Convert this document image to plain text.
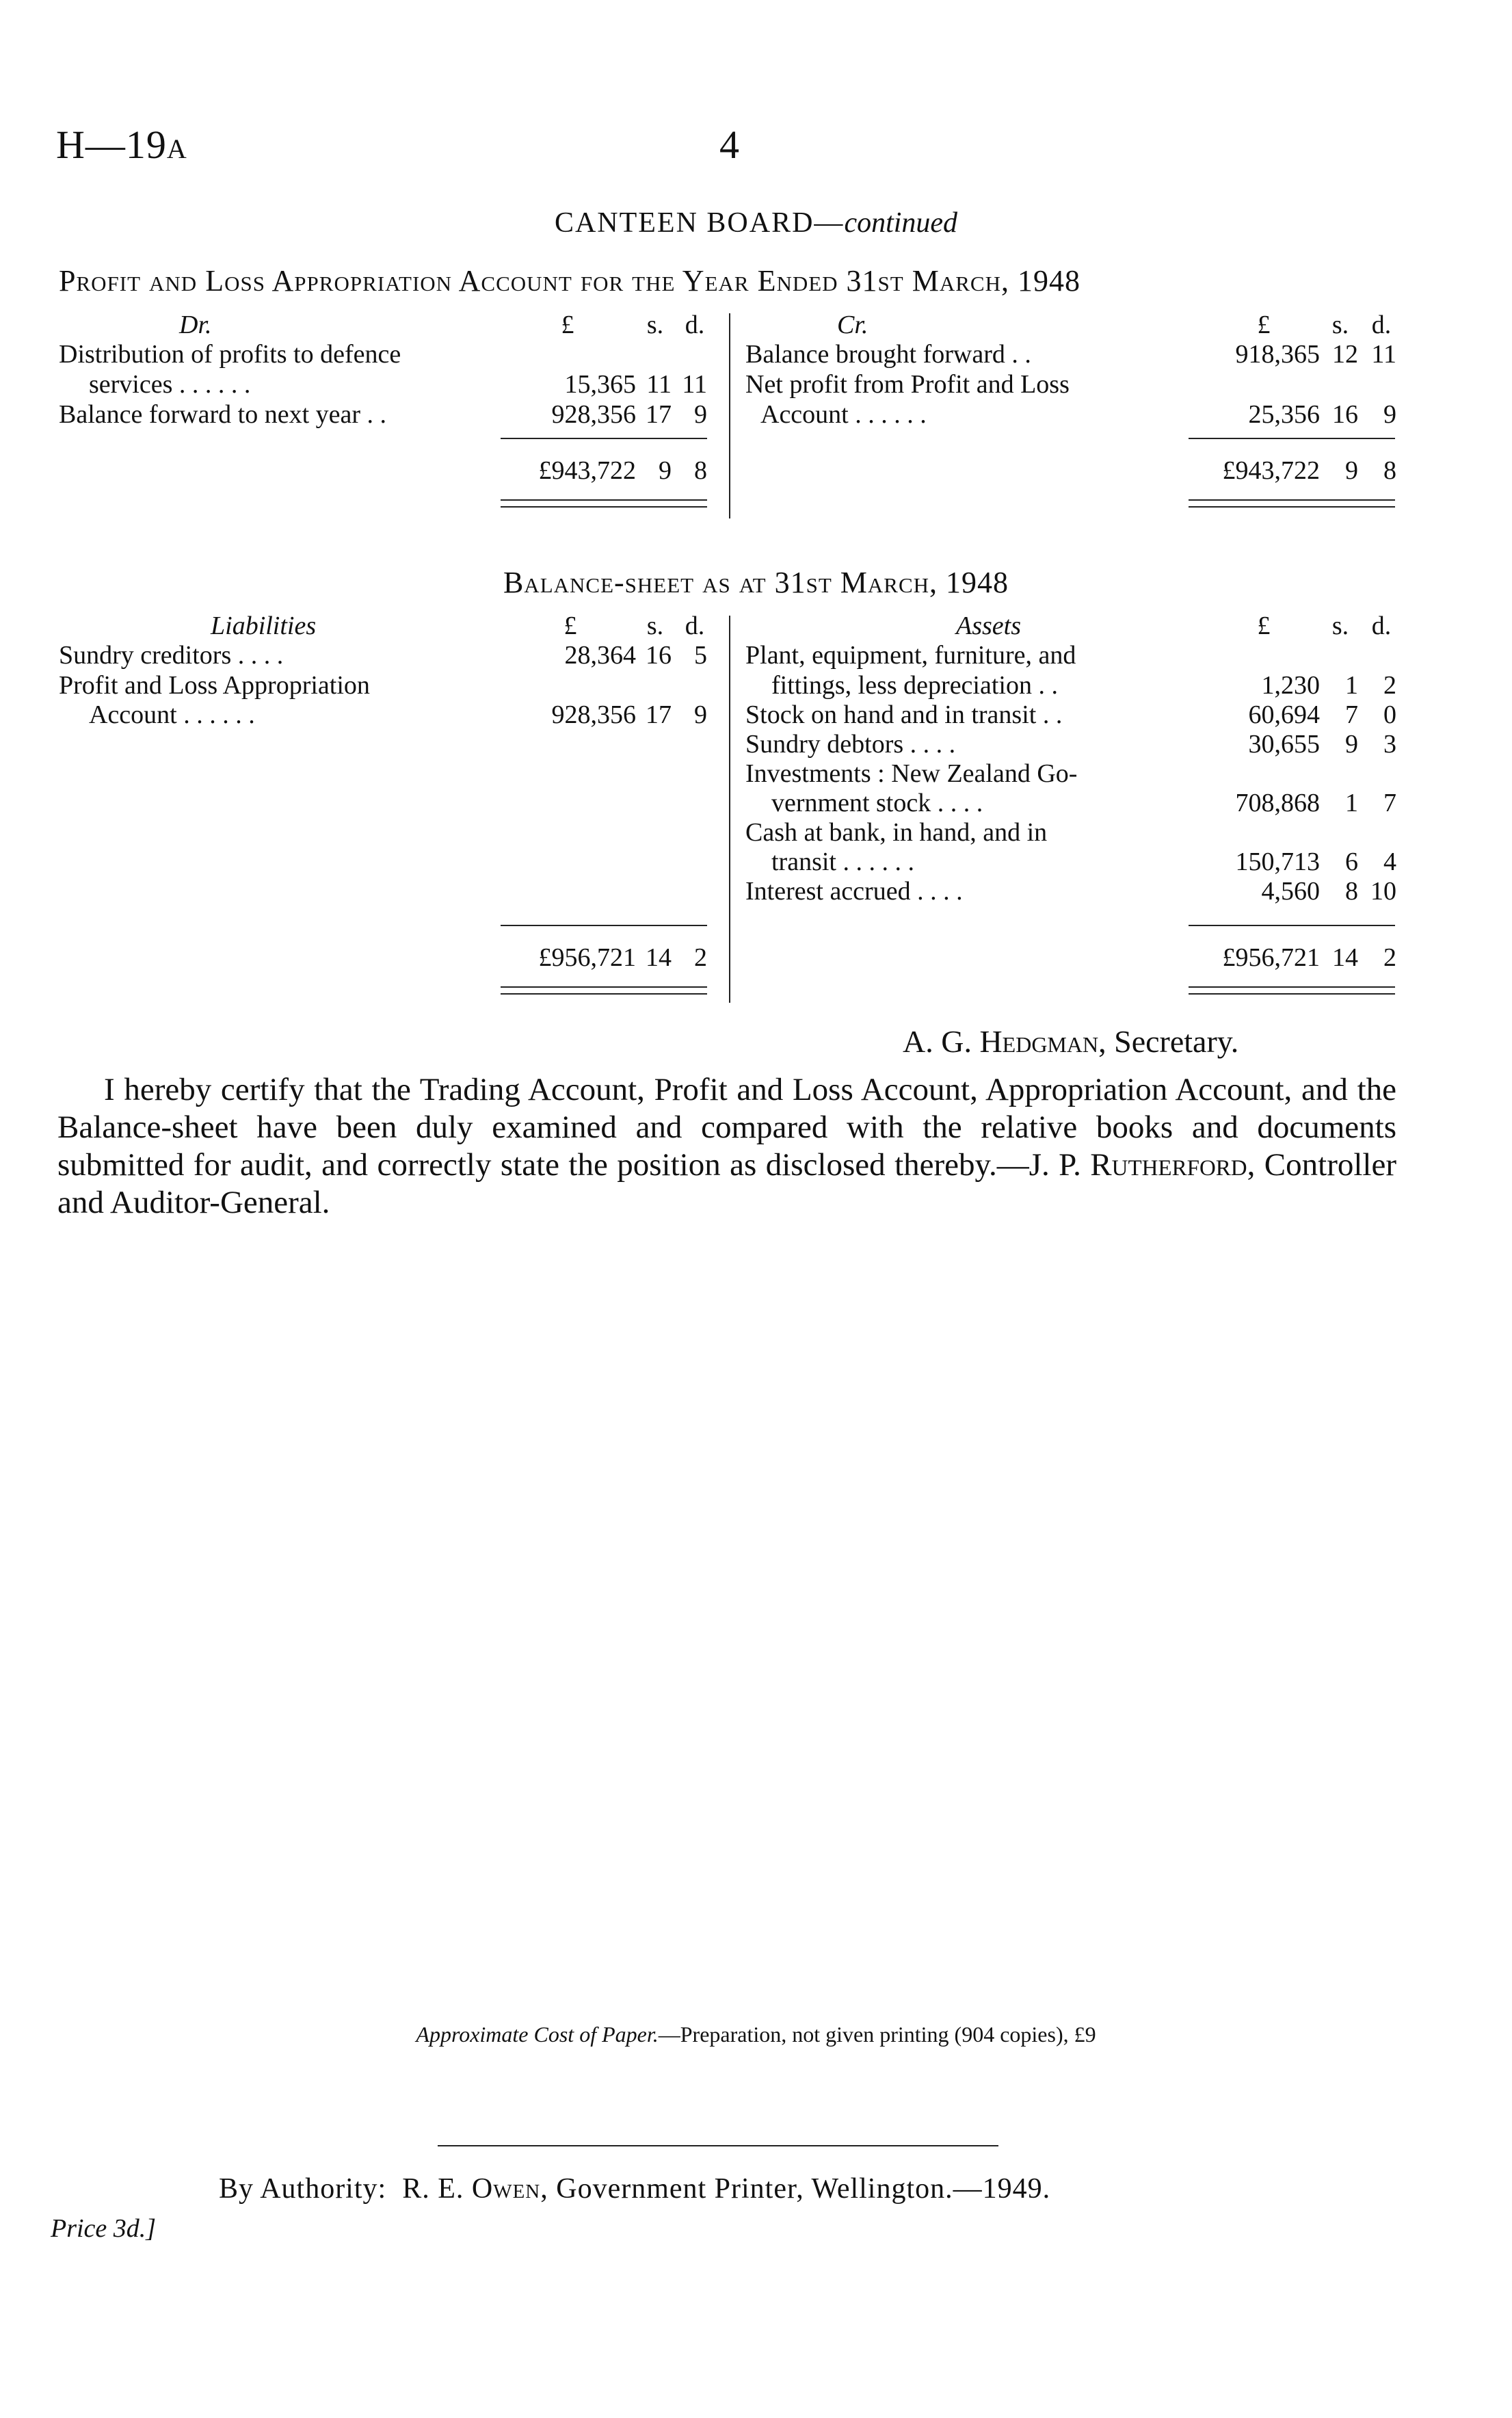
H—19A	4
CANTEEN BOARD—continued
Profit and Loss Appropriation Account for the Year Ended 31st March, 1948
Dr.	£	s. d.
Distribution of profits to defence
services . . . . . .	15,365 11 11
Balance forward to next year . .	928,356 17 9
£943,722 9 8
Cr.	£	s. d.
Balance brought forward . .	918,365 12 11
Net profit from Profit and Loss
Account . . . . . .	25,356 16 9
£943,722 9 8
Balance-sheet as at 31st March, 1948
Liabilities	£	s. d.
Sundry creditors . . . .	28,364 16 5
Profit and Loss Appropriation
Account . . . . . .	928,356 17 9
£956,721 14 2
Assets	£	s. d.
Plant, equipment, furniture, and
fittings, less depreciation . .	1,230 1 2
Stock on hand and in transit . .	60,694 7 0
Sundry debtors . . . .	30,655 9 3
Investments : New Zealand Go-
vernment stock . . . .	708,868 1 7
Cash at bank, in hand, and in
transit . . . . . .	150,713 6 4
Interest accrued . . . .	4,560 8 10
£956,721 14 2
A. G. Hedgman, Secretary.
I hereby certify that the Trading Account, Profit and Loss Account, Appropriation Account, and the Balance-sheet have been duly examined and compared with the relative books and documents submitted for audit, and correctly state the position as disclosed thereby.—J. P. Rutherford, Controller and Auditor-General.
Approximate Cost of Paper.—Preparation, not given printing (904 copies), £9
By Authority: R. E. Owen, Government Printer, Wellington.—1949.
Price 3d.]
